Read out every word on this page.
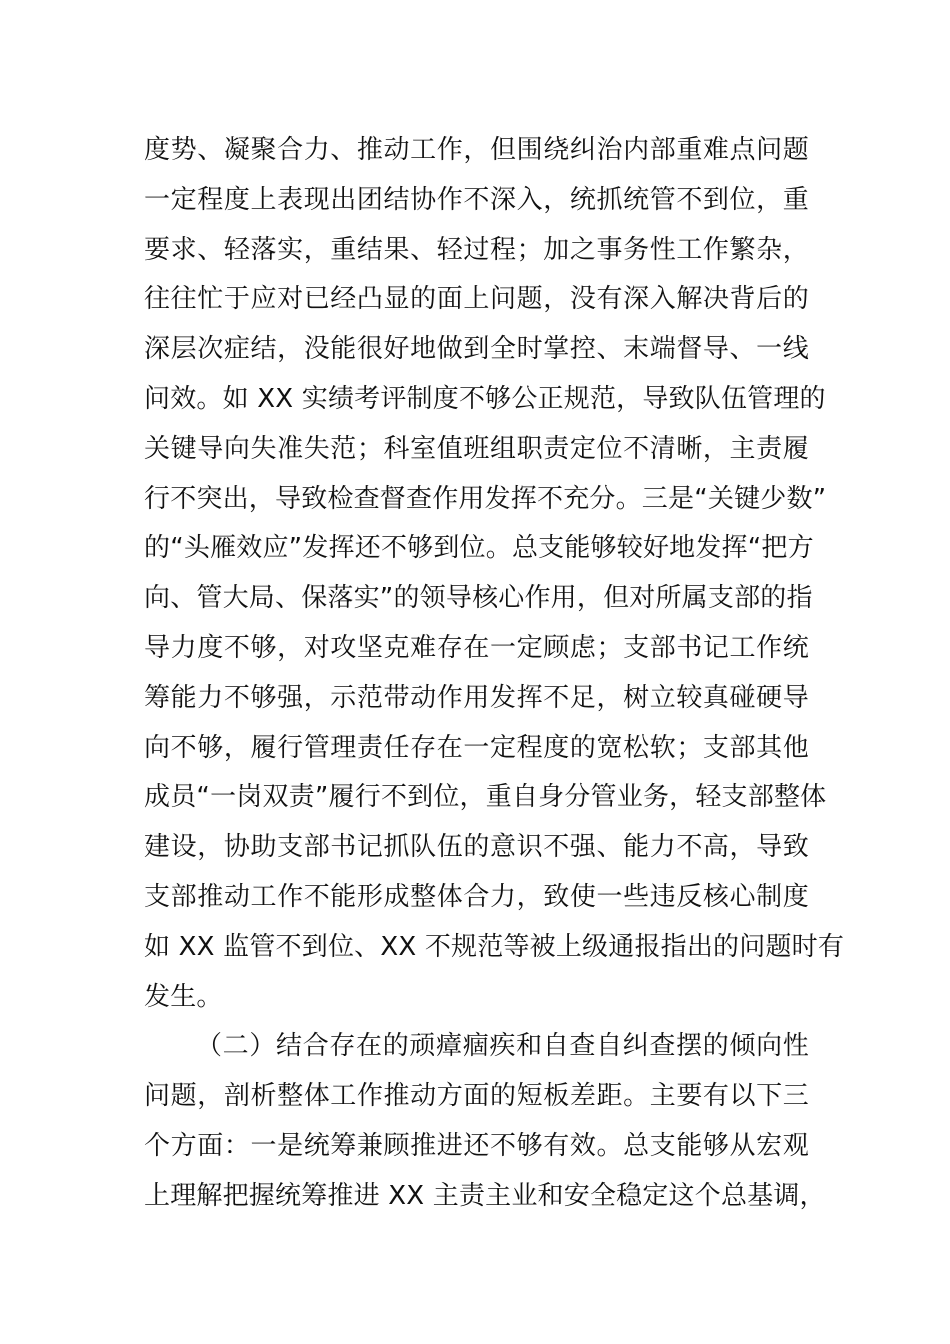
度势、凝聚合力、推动工作，但围绕纠治内部重难点问题
一定程度上表现出团结协作不深入，统抓统管不到位，重
要求、轻落实，重结果、轻过程；加之事务性工作繁杂，
往往忙于应对已经凸显的面上问题，没有深入解决背后的
深层次症结，没能很好地做到全时掌控、末端督导、一线
问效。如 XX 实绩考评制度不够公正规范，导致队伍管理的
关键导向失准失范；科室值班组职责定位不清晰，主责履
行不突出，导致检查督查作用发挥不充分。三是“关键少数”
的“头雁效应”发挥还不够到位。总支能够较好地发挥“把方
向、管大局、保落实”的领导核心作用，但对所属支部的指
导力度不够，对攻坚克难存在一定顾虑；支部书记工作统
筹能力不够强，示范带动作用发挥不足，树立较真碰硬导
向不够，履行管理责任存在一定程度的宽松软；支部其他
成员“一岗双责”履行不到位，重自身分管业务，轻支部整体
建设，协助支部书记抓队伍的意识不强、能力不高，导致
支部推动工作不能形成整体合力，致使一些违反核心制度
如 XX 监管不到位、XX 不规范等被上级通报指出的问题时有
发生。
（二）结合存在的顽瘴痼疾和自查自纠查摆的倾向性
问题，剖析整体工作推动方面的短板差距。主要有以下三
个方面：一是统筹兼顾推进还不够有效。总支能够从宏观
上理解把握统筹推进 XX 主责主业和安全稳定这个总基调，
